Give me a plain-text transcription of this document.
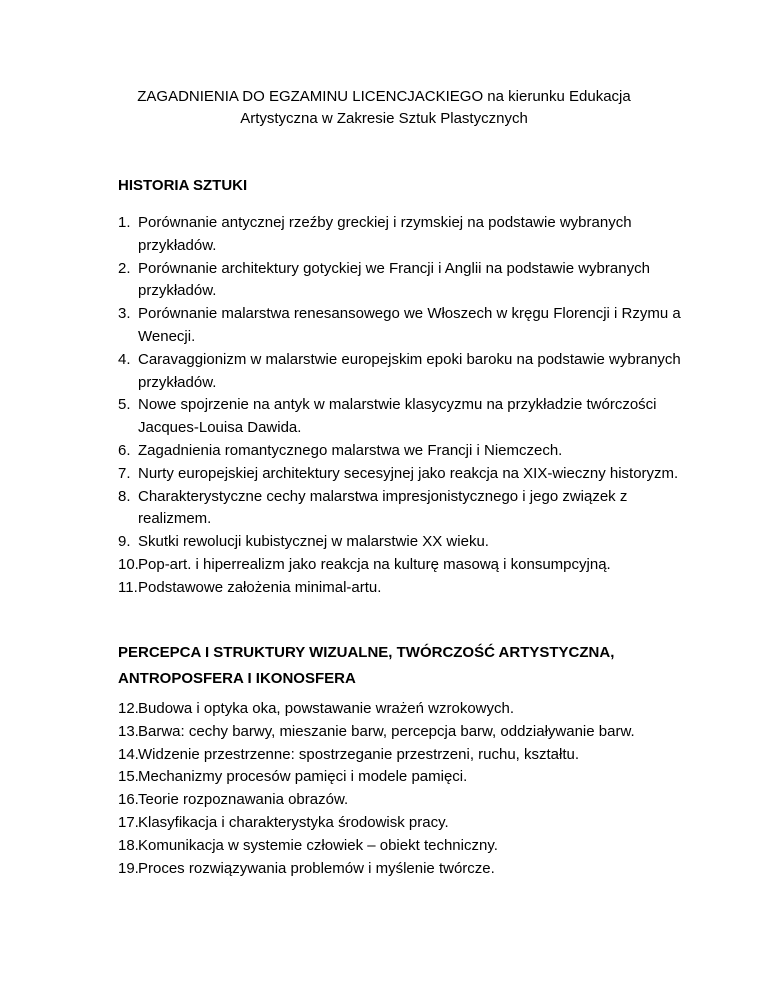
ZAGADNIENIA DO EGZAMINU LICENCJACKIEGO na kierunku Edukacja
Artystyczna w Zakresie Sztuk Plastycznych
HISTORIA SZTUKI
1. Porównanie antycznej rzeźby greckiej i rzymskiej na podstawie wybranych przykładów.
2. Porównanie architektury gotyckiej we Francji i Anglii na podstawie wybranych przykładów.
3. Porównanie malarstwa renesansowego we Włoszech w kręgu Florencji i Rzymu a Wenecji.
4. Caravaggionizm w malarstwie europejskim epoki baroku na podstawie wybranych przykładów.
5. Nowe spojrzenie na antyk w malarstwie klasycyzmu na przykładzie twórczości Jacques-Louisa Dawida.
6. Zagadnienia romantycznego malarstwa we Francji i Niemczech.
7. Nurty europejskiej architektury secesyjnej jako reakcja na XIX-wieczny historyzm.
8. Charakterystyczne cechy malarstwa impresjonistycznego i jego związek z realizmem.
9. Skutki rewolucji kubistycznej w malarstwie XX wieku.
10. Pop-art. i hiperrealizm jako reakcja na kulturę masową i konsumpcyjną.
11. Podstawowe założenia minimal-artu.
PERCEPCA I STRUKTURY WIZUALNE, TWÓRCZOŚĆ ARTYSTYCZNA,
ANTROPOSFERA I IKONOSFERA
12. Budowa i optyka oka, powstawanie wrażeń wzrokowych.
13. Barwa: cechy barwy, mieszanie barw, percepcja barw, oddziaływanie barw.
14. Widzenie przestrzenne: spostrzeganie przestrzeni, ruchu, kształtu.
15. Mechanizmy procesów pamięci i modele pamięci.
16. Teorie rozpoznawania obrazów.
17. Klasyfikacja i charakterystyka środowisk pracy.
18. Komunikacja w systemie człowiek – obiekt techniczny.
19. Proces rozwiązywania problemów i myślenie twórcze.
